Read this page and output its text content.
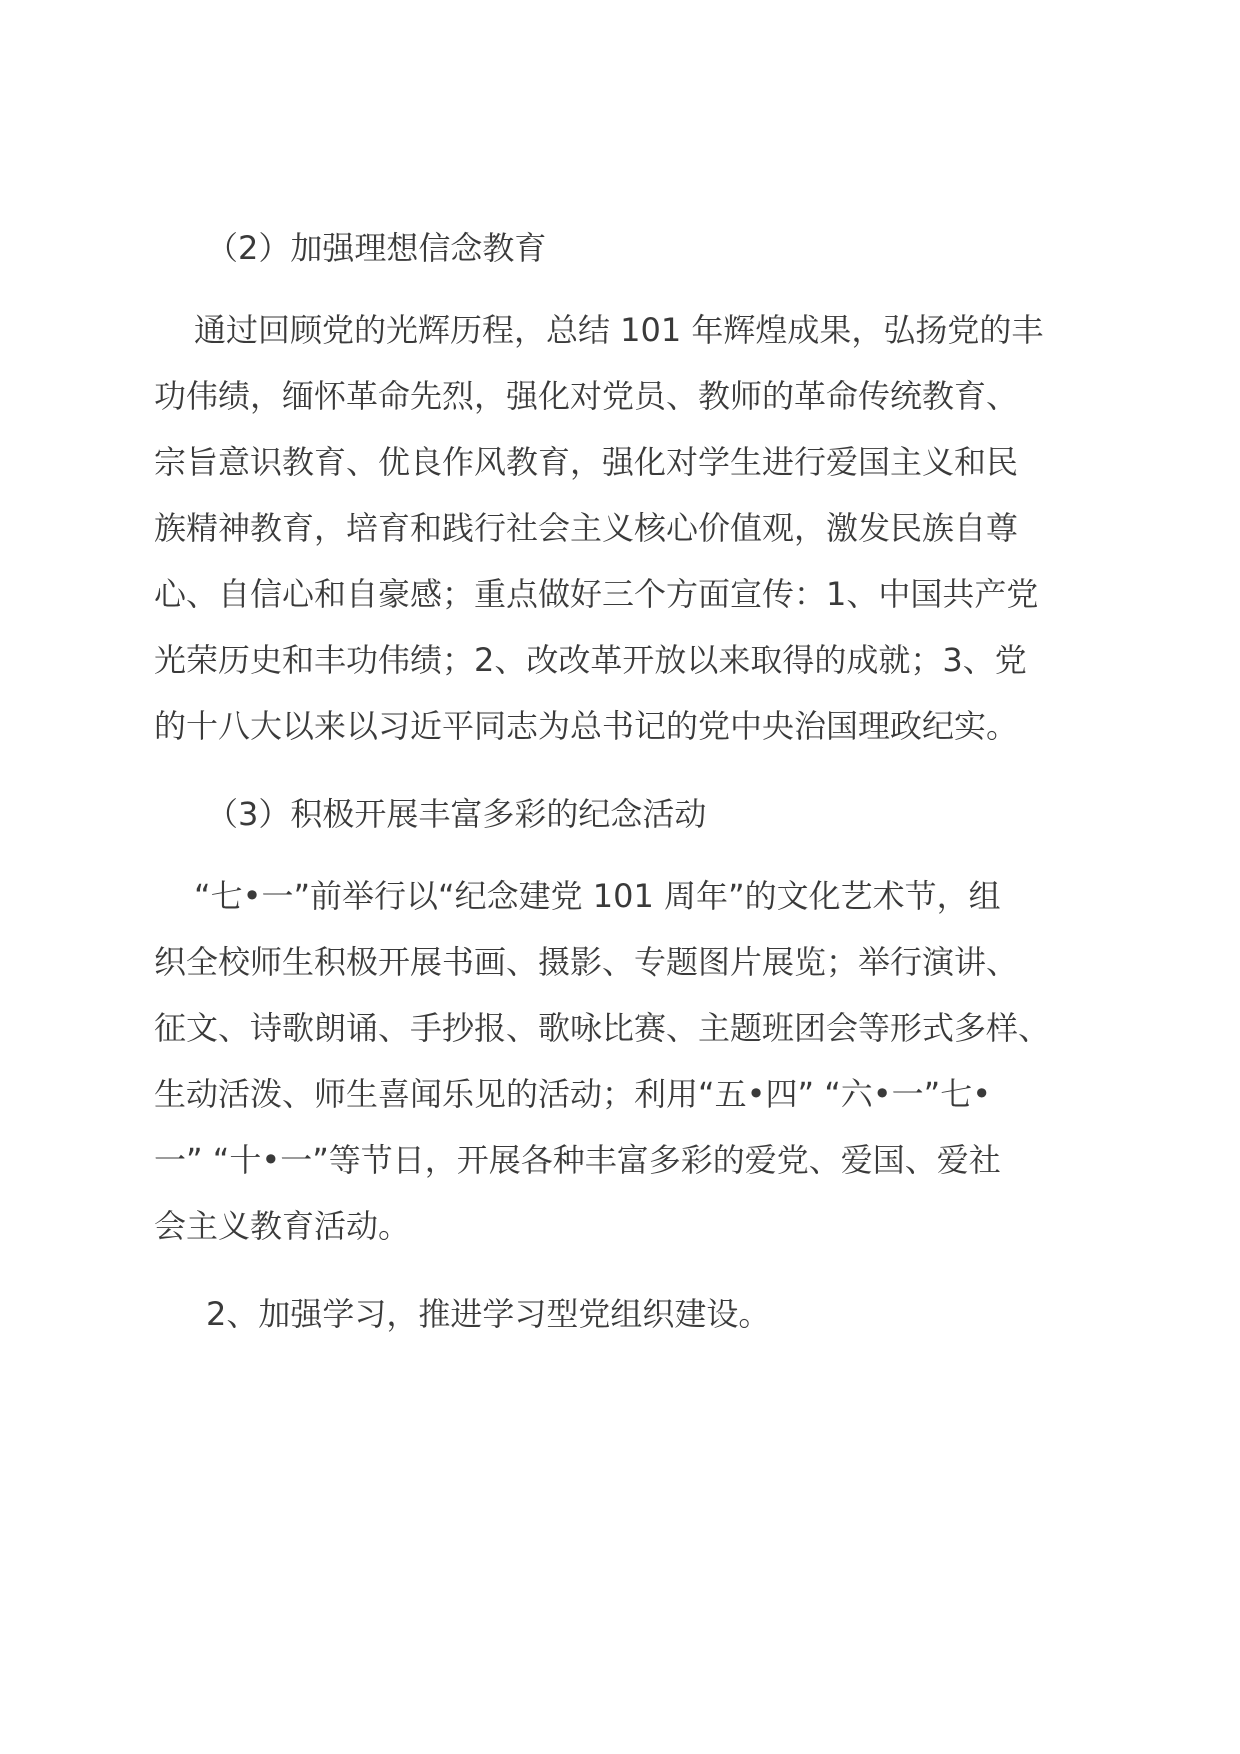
（2）加强理想信念教育
通过回顾党的光辉历程，总结 101 年辉煌成果，弘扬党的丰
功伟绩，缅怀革命先烈，强化对党员、教师的革命传统教育、
宗旨意识教育、优良作风教育，强化对学生进行爱国主义和民
族精神教育，培育和践行社会主义核心价值观，激发民族自尊
心、自信心和自豪感；重点做好三个方面宣传：1、中国共产党
光荣历史和丰功伟绩；2、改改革开放以来取得的成就；3、党
的十八大以来以习近平同志为总书记的党中央治国理政纪实。
（3）积极开展丰富多彩的纪念活动
“七•一”前举行以“纪念建党 101 周年”的文化艺术节，组
织全校师生积极开展书画、摄影、专题图片展览；举行演讲、
征文、诗歌朗诵、手抄报、歌咏比赛、主题班团会等形式多样、
生动活泼、师生喜闻乐见的活动；利用“五•四” “六•一”七•
一” “十•一”等节日，开展各种丰富多彩的爱党、爱国、爱社
会主义教育活动。
2、加强学习，推进学习型党组织建设。
